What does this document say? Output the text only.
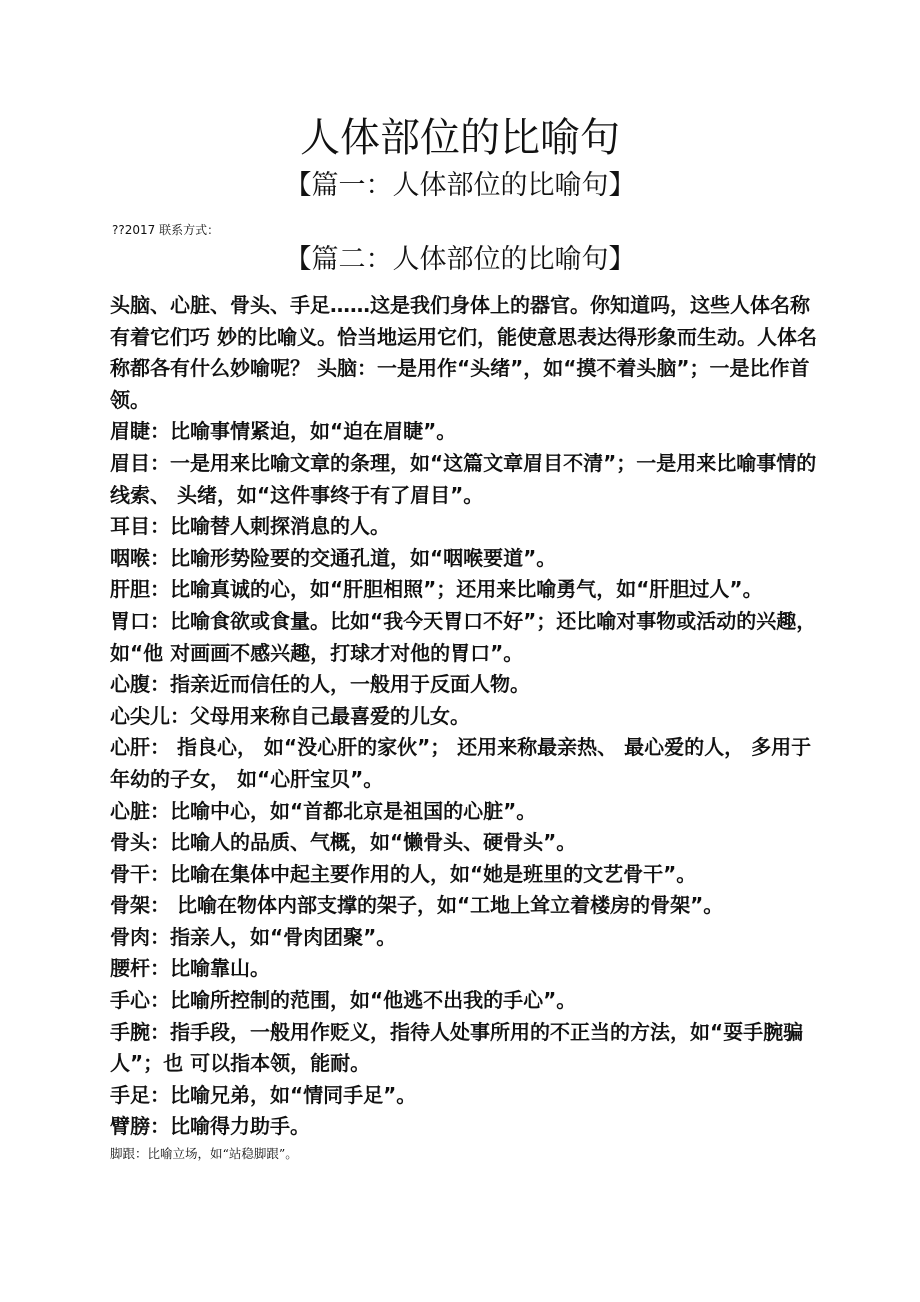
人体部位的比喻句
【篇一：人体部位的比喻句】
??2017 联系方式：
【篇二：人体部位的比喻句】

头脑、心脏、骨头、手足……这是我们身体上的器官。你知道吗，这些人体名称有着它们巧 妙的比喻义。恰当地运用它们，能使意思表达得形象而生动。人体名称都各有什么妙喻呢？ 头脑：一是用作“头绪”，如“摸不着头脑”；一是比作首领。

眉睫：比喻事情紧迫，如“迫在眉睫”。

眉目：一是用来比喻文章的条理，如“这篇文章眉目不清”；一是用来比喻事情的线索、 头绪，如“这件事终于有了眉目”。

耳目：比喻替人刺探消息的人。

咽喉：比喻形势险要的交通孔道，如“咽喉要道”。

肝胆：比喻真诚的心，如“肝胆相照”；还用来比喻勇气，如“肝胆过人”。

胃口：比喻食欲或食量。比如“我今天胃口不好”；还比喻对事物或活动的兴趣，如“他 对画画不感兴趣，打球才对他的胃口”。

心腹：指亲近而信任的人，一般用于反面人物。

心尖儿：父母用来称自己最喜爱的儿女。

心肝： 指良心， 如“没心肝的家伙”； 还用来称最亲热、 最心爱的人， 多用于年幼的子女， 如“心肝宝贝”。

心脏：比喻中心，如“首都北京是祖国的心脏”。

骨头：比喻人的品质、气概，如“懒骨头、硬骨头”。

骨干：比喻在集体中起主要作用的人，如“她是班里的文艺骨干”。

骨架： 比喻在物体内部支撑的架子，如“工地上耸立着楼房的骨架”。

骨肉：指亲人，如“骨肉团聚”。

腰杆：比喻靠山。

手心：比喻所控制的范围，如“他逃不出我的手心”。

手腕：指手段，一般用作贬义，指待人处事所用的不正当的方法，如“耍手腕骗人”；也 可以指本领，能耐。

手足：比喻兄弟，如“情同手足”。

臂膀：比喻得力助手。

脚跟：比喻立场，如“站稳脚跟”。
